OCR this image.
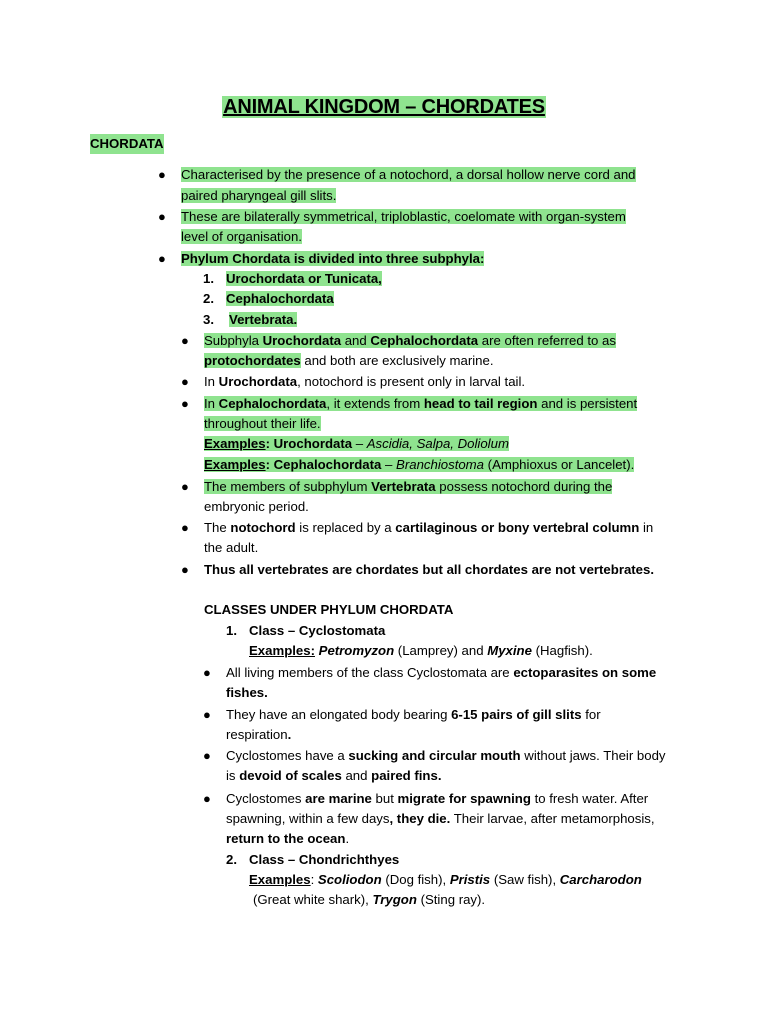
ANIMAL KINGDOM – CHORDATES
CHORDATA
● Characterised by the presence of a notochord, a dorsal hollow nerve cord and
paired pharyngeal gill slits.
● These are bilaterally symmetrical, triploblastic, coelomate with organ-system
level of organisation.
● Phylum Chordata is divided into three subphyla:
1. Urochordata or Tunicata,
2. Cephalochordata
3. Vertebrata.
● Subphyla Urochordata and Cephalochordata are often referred to as
protochordates and both are exclusively marine.
● In Urochordata, notochord is present only in larval tail.
● In Cephalochordata, it extends from head to tail region and is persistent
throughout their life.
Examples: Urochordata – Ascidia, Salpa, Doliolum
Examples: Cephalochordata – Branchiostoma (Amphioxus or Lancelet).
● The members of subphylum Vertebrata possess notochord during the
embryonic period.
● The notochord is replaced by a cartilaginous or bony vertebral column in
the adult.
● Thus all vertebrates are chordates but all chordates are not vertebrates.
CLASSES UNDER PHYLUM CHORDATA
1. Class – Cyclostomata
Examples: Petromyzon (Lamprey) and Myxine (Hagfish).
● All living members of the class Cyclostomata are ectoparasites on some
fishes.
● They have an elongated body bearing 6-15 pairs of gill slits for
respiration.
● Cyclostomes have a sucking and circular mouth without jaws. Their body
is devoid of scales and paired fins.
● Cyclostomes are marine but migrate for spawning to fresh water. After
spawning, within a few days, they die. Their larvae, after metamorphosis,
return to the ocean.
2. Class – Chondrichthyes
Examples: Scoliodon (Dog fish), Pristis (Saw fish), Carcharodon
(Great white shark), Trygon (Sting ray).
